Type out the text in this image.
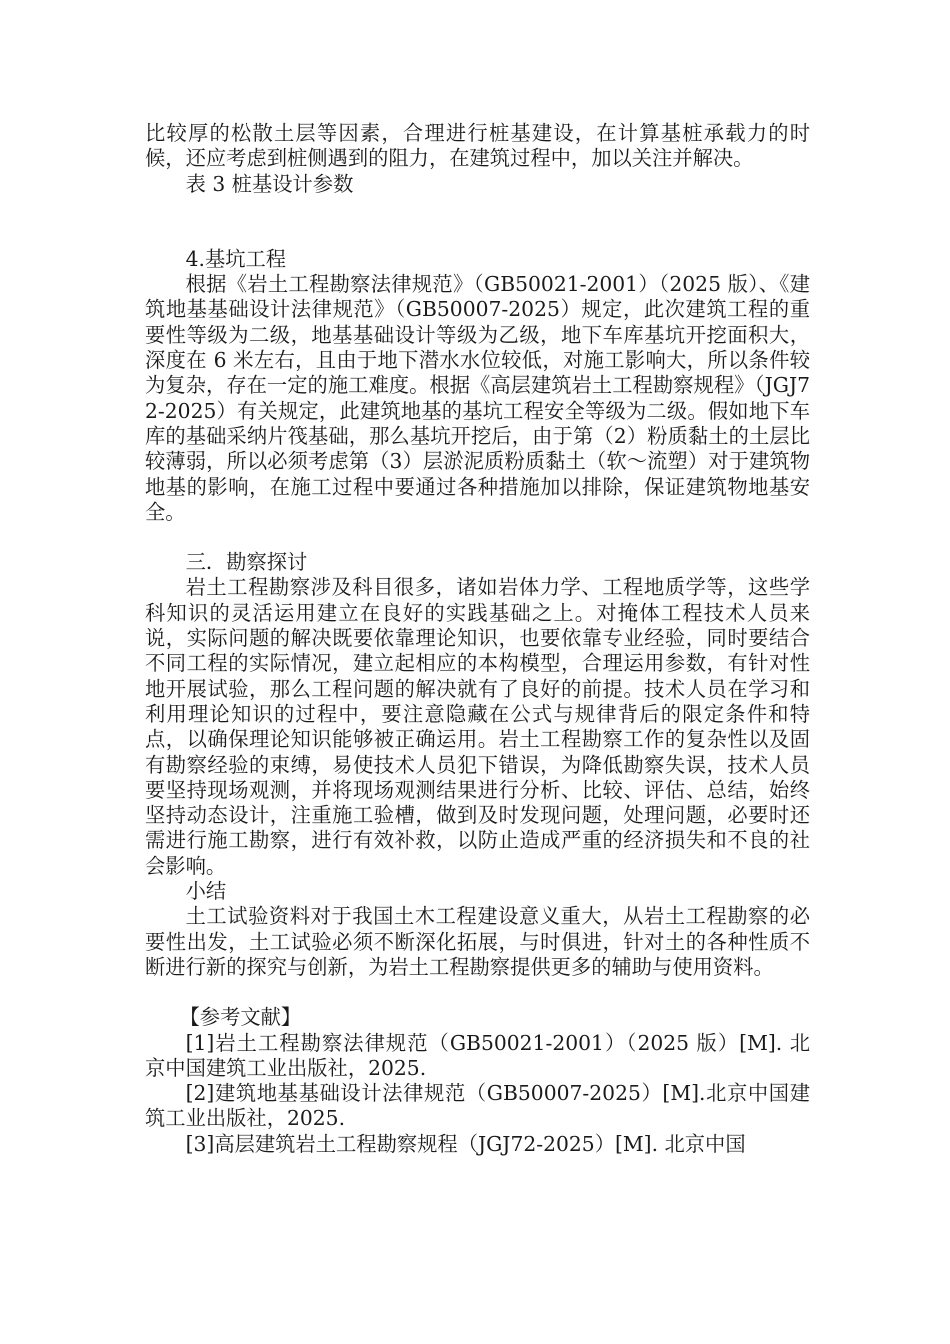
比较厚的松散土层等因素，合理进行桩基建设，在计算基桩承载力的时候，还应考虑到桩侧遇到的阻力，在建筑过程中，加以关注并解决。

表 3 桩基设计参数

4.基坑工程

根据《岩土工程勘察法律规范》（GB50021-2001）（2025 版）、《建筑地基基础设计法律规范》（GB50007-2025）规定，此次建筑工程的重要性等级为二级，地基基础设计等级为乙级，地下车库基坑开挖面积大，深度在 6 米左右，且由于地下潜水水位较低，对施工影响大，所以条件较为复杂，存在一定的施工难度。根据《高层建筑岩土工程勘察规程》（JGJ72-2025）有关规定，此建筑地基的基坑工程安全等级为二级。假如地下车库的基础采纳片筏基础，那么基坑开挖后，由于第（2）粉质黏土的土层比较薄弱，所以必须考虑第（3）层淤泥质粉质黏土（软～流塑）对于建筑物地基的影响，在施工过程中要通过各种措施加以排除，保证建筑物地基安全。

三．勘察探讨

岩土工程勘察涉及科目很多，诸如岩体力学、工程地质学等，这些学科知识的灵活运用建立在良好的实践基础之上。对掩体工程技术人员来说，实际问题的解决既要依靠理论知识，也要依靠专业经验，同时要结合不同工程的实际情况，建立起相应的本构模型，合理运用参数，有针对性地开展试验，那么工程问题的解决就有了良好的前提。技术人员在学习和利用理论知识的过程中，要注意隐藏在公式与规律背后的限定条件和特点，以确保理论知识能够被正确运用。岩土工程勘察工作的复杂性以及固有勘察经验的束缚，易使技术人员犯下错误，为降低勘察失误，技术人员要坚持现场观测，并将现场观测结果进行分析、比较、评估、总结，始终坚持动态设计，注重施工验槽，做到及时发现问题，处理问题，必要时还需进行施工勘察，进行有效补救，以防止造成严重的经济损失和不良的社会影响。

小结

土工试验资料对于我国土木工程建设意义重大，从岩土工程勘察的必要性出发，土工试验必须不断深化拓展，与时俱进，针对土的各种性质不断进行新的探究与创新，为岩土工程勘察提供更多的辅助与使用资料。

【参考文献】

[1]岩土工程勘察法律规范（GB50021-2001）（2025 版）[M]. 北京中国建筑工业出版社，2025.

[2]建筑地基基础设计法律规范（GB50007-2025）[M].北京中国建筑工业出版社，2025.

[3]高层建筑岩土工程勘察规程（JGJ72-2025）[M]. 北京中国
